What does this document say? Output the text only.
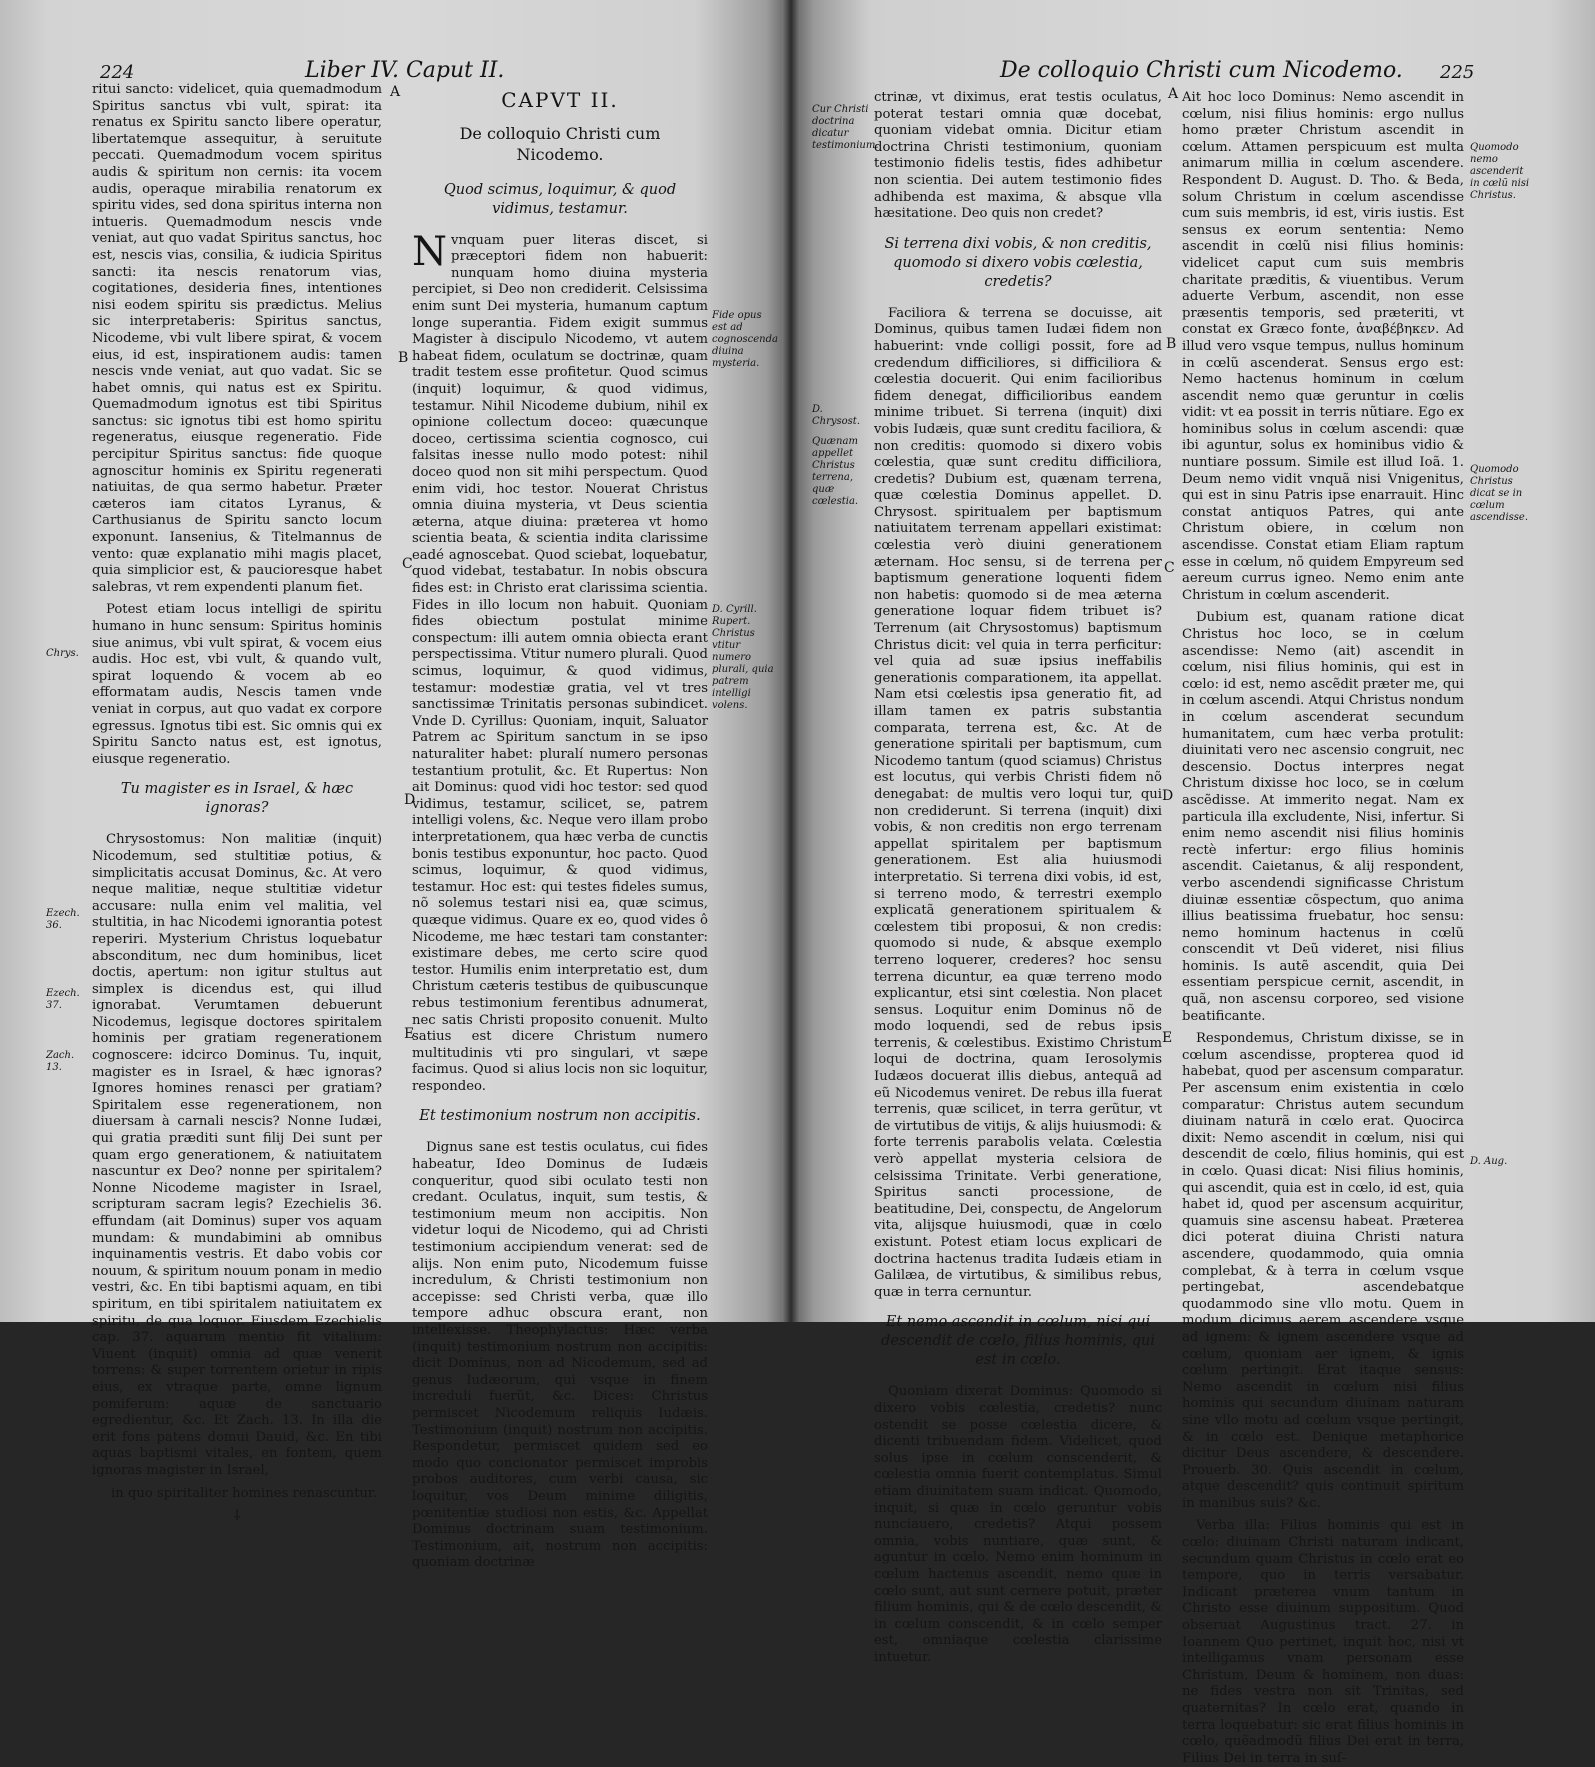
224	Liber IV. Caput II.

ritui sancto: videlicet, quia quemadmodum Spiritus sanctus vbi vult, spirat: ita renatus ex Spiritu sancto libere operatur, libertatemque assequitur, à seruitute peccati. Quemadmodum vocem spiritus audis & spiritum non cernis: ita vocem audis, operaque mirabilia renatorum ex spiritu vides, sed dona spiritus interna non intueris. Quemadmodum nescis vnde veniat, aut quo vadat Spiritus sanctus, hoc est, nescis vias, consilia, & iudicia Spiritus sancti: ita nescis renatorum vias, cogitationes, desideria fines, intentiones nisi eodem spiritu sis prædictus. Melius sic interpretaberis: Spiritus sanctus, Nicodeme, vbi vult libere spirat, & vocem eius, id est, inspirationem audis: tamen nescis vnde veniat, aut quo vadat. Sic se habet omnis, qui natus est ex Spiritu. Quemadmodum ignotus est tibi Spiritus sanctus: sic ignotus tibi est homo spiritu regeneratus, eiusque regeneratio. Fide percipitur Spiritus sanctus: fide quoque agnoscitur hominis ex Spiritu regenerati natiuitas, de qua sermo habetur. Præter cæteros iam citatos Lyranus, & Carthusianus de Spiritu sancto locum exponunt. Iansenius, & Titelmannus de vento: quæ explanatio mihi magis placet, quia simplicior est, & paucioresque habet salebras, vt rem expendenti planum fiet.

Potest etiam locus intelligi de spiritu humano in hunc sensum: Spiritus hominis siue animus, vbi vult spirat, & vocem eius audis. Hoc est, vbi vult, & quando vult, spirat loquendo & vocem ab eo efformatam audis, Nescis tamen vnde veniat in corpus, aut quo vadat ex corpore egressus. Ignotus tibi est. Sic omnis qui ex Spiritu Sancto natus est, est ignotus, eiusque regeneratio.

Tu magister es in Israel, & hæc ignoras?

Chrysostomus: Non malitiæ (inquit) Nicodemum, sed stultitiæ potius, & simplicitatis accusat Dominus, &c. At vero neque malitiæ, neque stultitiæ videtur accusare: nulla enim vel malitia, vel stultitia, in hac Nicodemi ignorantia potest reperiri. Mysterium Christus loquebatur absconditum, nec dum hominibus, licet doctis, apertum: non igitur stultus aut simplex is dicendus est, qui illud ignorabat. Verumtamen debuerunt Nicodemus, legisque doctores spiritalem hominis per gratiam regenerationem cognoscere: idcirco Dominus. Tu, inquit, magister es in Israel, & hæc ignoras? Ignores homines renasci per gratiam? Spiritalem esse regenerationem, non diuersam à carnali nescis? Nonne Iudæi, qui gratia præditi sunt filij Dei sunt per quam ergo generationem, & natiuitatem nascuntur ex Deo? nonne per spiritalem? Nonne Nicodeme magister in Israel, scripturam sacram legis? Ezechielis 36. effundam (ait Dominus) super vos aquam mundam: & mundabimini ab omnibus inquinamentis vestris. Et dabo vobis cor nouum, & spiritum nouum ponam in medio vestri, &c. En tibi baptismi aquam, en tibi spiritum, en tibi spiritalem natiuitatem ex spiritu, de qua loquor. Eiusdem Ezechielis cap. 37. aquarum mentio fit vitalium: Viuent (inquit) omnia ad quæ venerit torrens: & super torrentem orietur in ripis eius, ex vtraque parte, omne lignum pomiferum: aquæ de sanctuario egredientur, &c. Et Zach. 13. In illa die erit fons patens domui Dauid, &c. En tibi aquas baptismi vitales, en fontem, quem ignoras magister in Israel,

in quo spiritaliter homines renascuntur.

⸸
CAPVT II.
De colloquio Christi cum Nicodemo.
Quod scimus, loquimur, & quod vidimus, testamur.

Nvnquam puer literas discet, si præceptori fidem non habuerit: nunquam homo diuina mysteria percipiet, si Deo non crediderit. Celsissima enim sunt Dei mysteria, humanum captum longe superantia. Fidem exigit summus Magister à discipulo Nicodemo, vt autem habeat fidem, oculatum se doctrinæ, quam tradit testem esse profitetur. Quod scimus (inquit) loquimur, & quod vidimus, testamur. Nihil Nicodeme dubium, nihil ex opinione collectum doceo: quæcunque doceo, certissima scientia cognosco, cui falsitas inesse nullo modo potest: nihil doceo quod non sit mihi perspectum. Quod enim vidi, hoc testor. Nouerat Christus omnia diuina mysteria, vt Deus scientia æterna, atque diuina: præterea vt homo scientia beata, & scientia indita clarissime eadé agnoscebat. Quod sciebat, loquebatur, quod videbat, testabatur. In nobis obscura fides est: in Christo erat clarissima scientia. Fides in illo locum non habuit. Quoniam fides obiectum postulat minime conspectum: illi autem omnia obiecta erant perspectissima. Vtitur numero plurali. Quod scimus, loquimur, & quod vidimus, testamur: modestiæ gratia, vel vt tres sanctissimæ Trinitatis personas subindicet. Vnde D. Cyrillus: Quoniam, inquit, Saluator Patrem ac Spiritum sanctum in se ipso naturaliter habet: pluralí numero personas testantium protulit, &c. Et Rupertus: Non ait Dominus: quod vidi hoc testor: sed quod vidimus, testamur, scilicet, se, patrem intelligi volens, &c. Neque vero illam probo interpretationem, qua hæc verba de cunctis bonis testibus exponuntur, hoc pacto. Quod scimus, loquimur, & quod vidimus, testamur. Hoc est: qui testes fideles sumus, nõ solemus testari nisi ea, quæ scimus, quæque vidimus. Quare ex eo, quod vides ô Nicodeme, me hæc testari tam constanter: existimare debes, me certo scire quod testor. Humilis enim interpretatio est, dum Christum cæteris testibus de quibuscunque rebus testimonium ferentibus adnumerat, nec satis Christi proposito conuenit. Multo satius est dicere Christum numero multitudinis vti pro singulari, vt sæpe facimus. Quod si alius locis non sic loquitur, respondeo.

Et testimonium nostrum non accipitis.

Dignus sane est testis oculatus, cui fides habeatur, Ideo Dominus de Iudæis conqueritur, quod sibi oculato testi non credant. Oculatus, inquit, sum testis, & testimonium meum non accipitis. Non videtur loqui de Nicodemo, qui ad Christi testimonium accipiendum venerat: sed de alijs. Non enim puto, Nicodemum fuisse incredulum, & Christi testimonium non accepisse: sed Christi verba, quæ illo tempore adhuc obscura erant, non intellexisse. Theophylactus: Hæc verba (inquit) testimonium nostrum non accipitis: dicit Dominus, non ad Nicodemum, sed ad genus Iudæorum, qui vsque in finem increduli fuerũt, &c. Dices: Christus permiscet Nicodemum reliquis Iudæis. Testimonium (inquit) nostrum non accipitis. Respondetur, permiscet quidem sed eo modo quo concionator permiscet improbis probos auditores, cum verbi causa, sic loquitur, vos Deum minime diligitis, pœnitentiæ studiosi non estis, &c. Appellat Dominus doctrinam suam testimonium. Testimonium, ait, nostrum non accipitis: quoniam doctrinæ

Fide opus est ad cognoscenda diuina mysteria.
D. Cyrill. Rupert. Christus vtitur numero plurali, quia patrem intelligi volens.
Chrys.
Ezech. 36.
Ezech. 37.
Zach. 13.
A
B
C
D
E
De colloquio Christi cum Nicodemo. 225

ctrinæ, vt diximus, erat testis oculatus, poterat testari omnia quæ docebat, quoniam videbat omnia. Dicitur etiam doctrina Christi testimonium, quoniam testimonio fidelis testis, fides adhibetur non scientia. Dei autem testimonio fides adhibenda est maxima, & absque vlla hæsitatione. Deo quis non credet?

Si terrena dixi vobis, & non creditis, quomodo si dixero vobis cœlestia, credetis?

Faciliora & terrena se docuisse, ait Dominus, quibus tamen Iudæi fidem non habuerint: vnde colligi possit, fore ad credendum difficiliores, si difficiliora & cœlestia docuerit. Qui enim facilioribus fidem denegat, difficilioribus eandem minime tribuet. Si terrena (inquit) dixi vobis Iudæis, quæ sunt creditu faciliora, & non creditis: quomodo si dixero vobis cœlestia, quæ sunt creditu difficiliora, credetis? Dubium est, quænam terrena, quæ cœlestia Dominus appellet. D. Chrysost. spiritualem per baptismum natiuitatem terrenam appellari existimat: cœlestia verò diuini generationem æternam. Hoc sensu, si de terrena per baptismum generatione loquenti fidem non habetis: quomodo si de mea æterna generatione loquar fidem tribuet is? Terrenum (ait Chrysostomus) baptismum Christus dicit: vel quia in terra perficitur: vel quia ad suæ ipsius ineffabilis generationis comparationem, ita appellat. Nam etsi cœlestis ipsa generatio fit, ad illam tamen ex patris substantia comparata, terrena est, &c. At de generatione spiritali per baptismum, cum Nicodemo tantum (quod sciamus) Christus est locutus, qui verbis Christi fidem nõ denegabat: de multis vero loqui tur, qui non crediderunt. Si terrena (inquit) dixi vobis, & non creditis non ergo terrenam appellat spiritalem per baptismum generationem. Est alia huiusmodi interpretatio. Si terrena dixi vobis, id est, si terreno modo, & terrestri exemplo explicatã generationem spiritualem & cœlestem tibi proposui, & non credis: quomodo si nude, & absque exemplo terreno loquerer, crederes? hoc sensu terrena dicuntur, ea quæ terreno modo explicantur, etsi sint cœlestia. Non placet sensus. Loquitur enim Dominus nõ de modo loquendi, sed de rebus ipsis terrenis, & cœlestibus. Existimo Christum loqui de doctrina, quam Ierosolymis Iudæos docuerat illis diebus, antequã ad eũ Nicodemus veniret. De rebus illa fuerat terrenis, quæ scilicet, in terra gerũtur, vt de virtutibus de vitijs, & alijs huiusmodi: & forte terrenis parabolis velata. Cœlestia verò appellat mysteria celsiora de celsissima Trinitate. Verbi generatione, Spiritus sancti processione, de beatitudine, Dei, conspectu, de Angelorum vita, alijsque huiusmodi, quæ in cœlo existunt. Potest etiam locus explicari de doctrina hactenus tradita Iudæis etiam in Galilæa, de virtutibus, & similibus rebus, quæ in terra cernuntur.

Et nemo ascendit in cœlum, nisi qui descendit de cœlo, filius hominis, qui est in cœlo.

Quoniam dixerat Dominus: Quomodo si dixero vobis cœlestia, credetis? nunc ostendit se posse cœlestia dicere, & dicenti tribuendam fidem. Videlicet, quod solus ipse in cœlum conscenderit, & cœlestia omnia fuerit contemplatus. Simul etiam diuinitatem suam indicat. Quomodo, inquit, si quæ in cœlo geruntur vobis nunciauero, credetis? Atqui possem omnia, vobis nuntiare, quæ sunt, & aguntur in cœlo. Nemo enim hominum in cœlum hactenus ascendit, nemo quæ in cœlo sunt, aut sunt cernere potuit, præter filium hominis, qui & de cœlo descendit, & in cœlum conscendit, & in cœlo semper est, omniaque cœlestia clarissime intuetur.

Ait hoc loco Dominus: Nemo ascendit in cœlum, nisi filius hominis: ergo nullus homo præter Christum ascendit in cœlum. Attamen perspicuum est multa animarum millia in cœlum ascendere. Respondent D. August. D. Tho. & Beda, solum Christum in cœlum ascendisse cum suis membris, id est, viris iustis. Est sensus ex eorum sententia: Nemo ascendit in cœlũ nisi filius hominis: videlicet caput cum suis membris charitate præditis, & viuentibus. Verum aduerte Verbum, ascendit, non esse præsentis temporis, sed præteriti, vt constat ex Græco fonte, ἀναβέβηκεν. Ad illud vero vsque tempus, nullus hominum in cœlũ ascenderat. Sensus ergo est: Nemo hactenus hominum in cœlum ascendit nemo quæ geruntur in cœlis vidit: vt ea possit in terris nũtiare. Ego ex hominibus solus in cœlum ascendi: quæ ibi aguntur, solus ex hominibus vidio & nuntiare possum. Simile est illud Ioã. 1. Deum nemo vidit vnquã nisi Vnigenitus, qui est in sinu Patris ipse enarrauit. Hinc constat antiquos Patres, qui ante Christum obiere, in cœlum non ascendisse. Constat etiam Eliam raptum esse in cœlum, nõ quidem Empyreum sed aereum currus igneo. Nemo enim ante Christum in cœlum ascenderit.

Dubium est, quanam ratione dicat Christus hoc loco, se in cœlum ascendisse: Nemo (ait) ascendit in cœlum, nisi filius hominis, qui est in cœlo: id est, nemo ascẽdit præter me, qui in cœlum ascendi. Atqui Christus nondum in cœlum ascenderat secundum humanitatem, cum hæc verba protulit: diuinitati vero nec ascensio congruit, nec descensio. Doctus interpres negat Christum dixisse hoc loco, se in cœlum ascẽdisse. At immerito negat. Nam ex particula illa excludente, Nisi, infertur. Si enim nemo ascendit nisi filius hominis rectè infertur: ergo filius hominis ascendit. Caietanus, & alij respondent, verbo ascendendi significasse Christum diuinæ essentiæ cõspectum, quo anima illius beatissima fruebatur, hoc sensu: nemo hominum hactenus in cœlũ conscendit vt Deũ videret, nisi filius hominis. Is autẽ ascendit, quia Dei essentiam perspicue cernit, ascendit, in quã, non ascensu corporeo, sed visione beatificante.

Respondemus, Christum dixisse, se in cœlum ascendisse, propterea quod id habebat, quod per ascensum comparatur. Per ascensum enim existentia in cœlo comparatur: Christus autem secundum diuinam naturã in cœlo erat. Quocirca dixit: Nemo ascendit in cœlum, nisi qui descendit de cœlo, filius hominis, qui est in cœlo. Quasi dicat: Nisi filius hominis, qui ascendit, quia est in cœlo, id est, quia habet id, quod per ascensum acquiritur, quamuis sine ascensu habeat. Præterea dici poterat diuina Christi natura ascendere, quodammodo, quia omnia complebat, & à terra in cœlum vsque pertingebat, ascendebatque quodammodo sine vllo motu. Quem in modum dicimus aerem ascendere vsque ad ignem: & ignem ascendere vsque ad cœlum, quoniam aer ignem, & ignis cœlum pertingit. Erat itaque sensus: Nemo ascendit in cœlum nisi filius hominis qui secundum diuinam naturam sine vllo motu ad cœlum vsque pertingit, & in cœlo est. Denique metaphorice dicitur Deus ascendere, & descendere. Prouerb. 30. Quis ascendit in cœlum, atque descendit? quis continuit spiritum in manibus suis? &c.

Verba illa: Filius hominis qui est in cœlo: diuinam Christi naturam indicant, secundum quam Christus in cœlo erat eo tempore, quo in terris versabatur. Indicant præterea vnum tantum in Christo esse diuinum suppositum. Quod obseruat Augustinus tract. 27. in Ioannem Quo pertinet, inquit hoc, nisi vt intelligamus vnam personam esse Christum, Deum & hominem, non duas: ne fides vestra non sit Trinitas, sed quaternitas? In cœlo erat, quando in terra loquebatur: sic erat filius hominis in cœlo, quẽadmodũ filius Dei erat in terra, Filius Dei in terra in suſ-

Cur Christi doctrina dicatur testimonium.
D. Chrysost.
Quænam appellet Christus terrena, quæ cœlestia.
Quomodo nemo ascenderit in cœlũ nisi Christus.
Quomodo Christus dicat se in cœlum ascendisse.
D. Aug.
A
B
C
D
E
